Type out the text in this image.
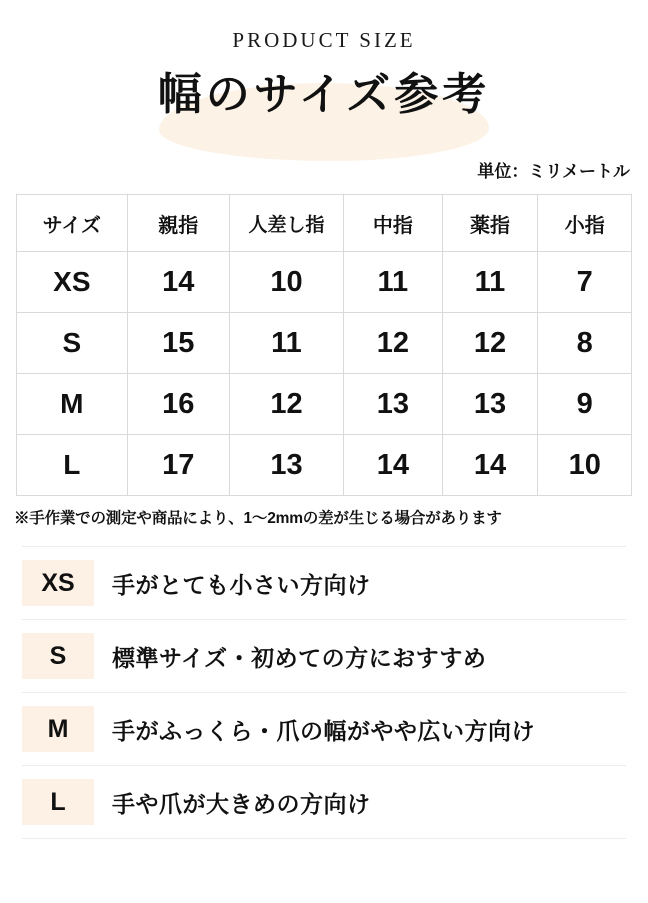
PRODUCT SIZE
幅のサイズ参考
単位：ミリメートル
サイズ	親指	人差し指	中指	薬指	小指
XS	14	10	11	11	7
S	15	11	12	12	8
M	16	12	13	13	9
L	17	13	14	14	10
※手作業での測定や商品により、1〜2mmの差が生じる場合があります
XS	手がとても小さい方向け
S	標準サイズ・初めての方におすすめ
M	手がふっくら・爪の幅がやや広い方向け
L	手や爪が大きめの方向け
